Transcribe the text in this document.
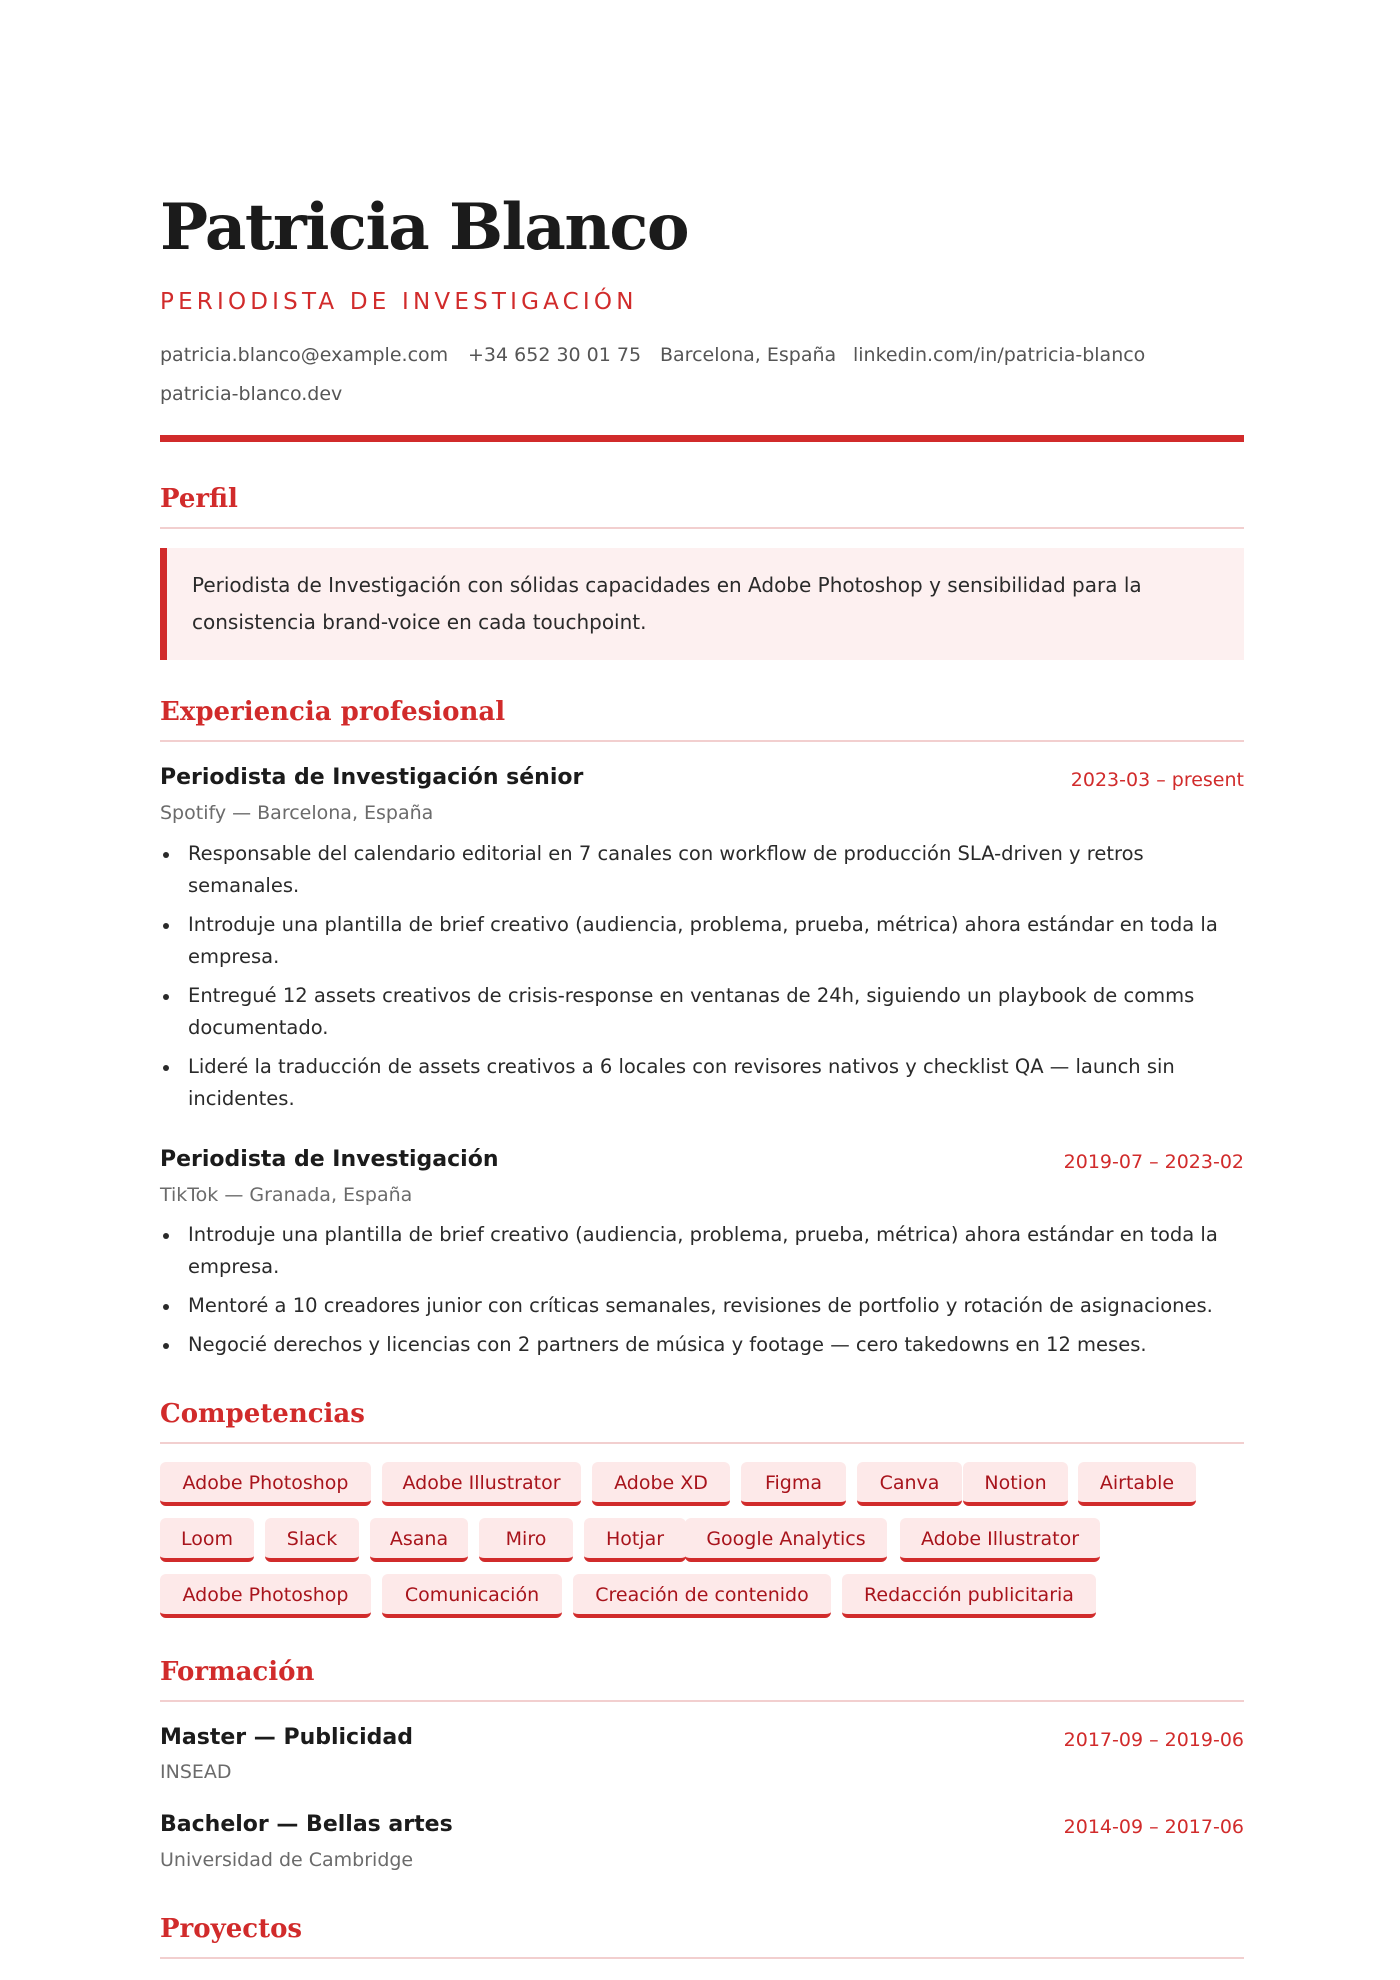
Patricia Blanco
PERIODISTA DE INVESTIGACIÓN
patricia.blanco@example.com +34 652 30 01 75 Barcelona, España linkedin.com/in/patricia-blanco
patricia-blanco.dev
Perfil
Periodista de Investigación con sólidas capacidades en Adobe Photoshop y sensibilidad para la consistencia brand-voice en cada touchpoint.
Experiencia profesional
Periodista de Investigación sénior	2023-03 – present
Spotify — Barcelona, España
Responsable del calendario editorial en 7 canales con workflow de producción SLA-driven y retros semanales.
Introduje una plantilla de brief creativo (audiencia, problema, prueba, métrica) ahora estándar en toda la empresa.
Entregué 12 assets creativos de crisis-response en ventanas de 24h, siguiendo un playbook de comms documentado.
Lideré la traducción de assets creativos a 6 locales con revisores nativos y checklist QA — launch sin incidentes.
Periodista de Investigación	2019-07 – 2023-02
TikTok — Granada, España
Introduje una plantilla de brief creativo (audiencia, problema, prueba, métrica) ahora estándar en toda la empresa.
Mentoré a 10 creadores junior con críticas semanales, revisiones de portfolio y rotación de asignaciones.
Negocié derechos y licencias con 2 partners de música y footage — cero takedowns en 12 meses.
Competencias
Adobe Photoshop	Adobe Illustrator	Adobe XD	Figma	Canva	Notion	Airtable
Loom	Slack	Asana	Miro	Hotjar	Google Analytics	Adobe Illustrator
Adobe Photoshop	Comunicación	Creación de contenido	Redacción publicitaria
Formación
Master — Publicidad	2017-09 – 2019-06
INSEAD
Bachelor — Bellas artes	2014-09 – 2017-06
Universidad de Cambridge
Proyectos
